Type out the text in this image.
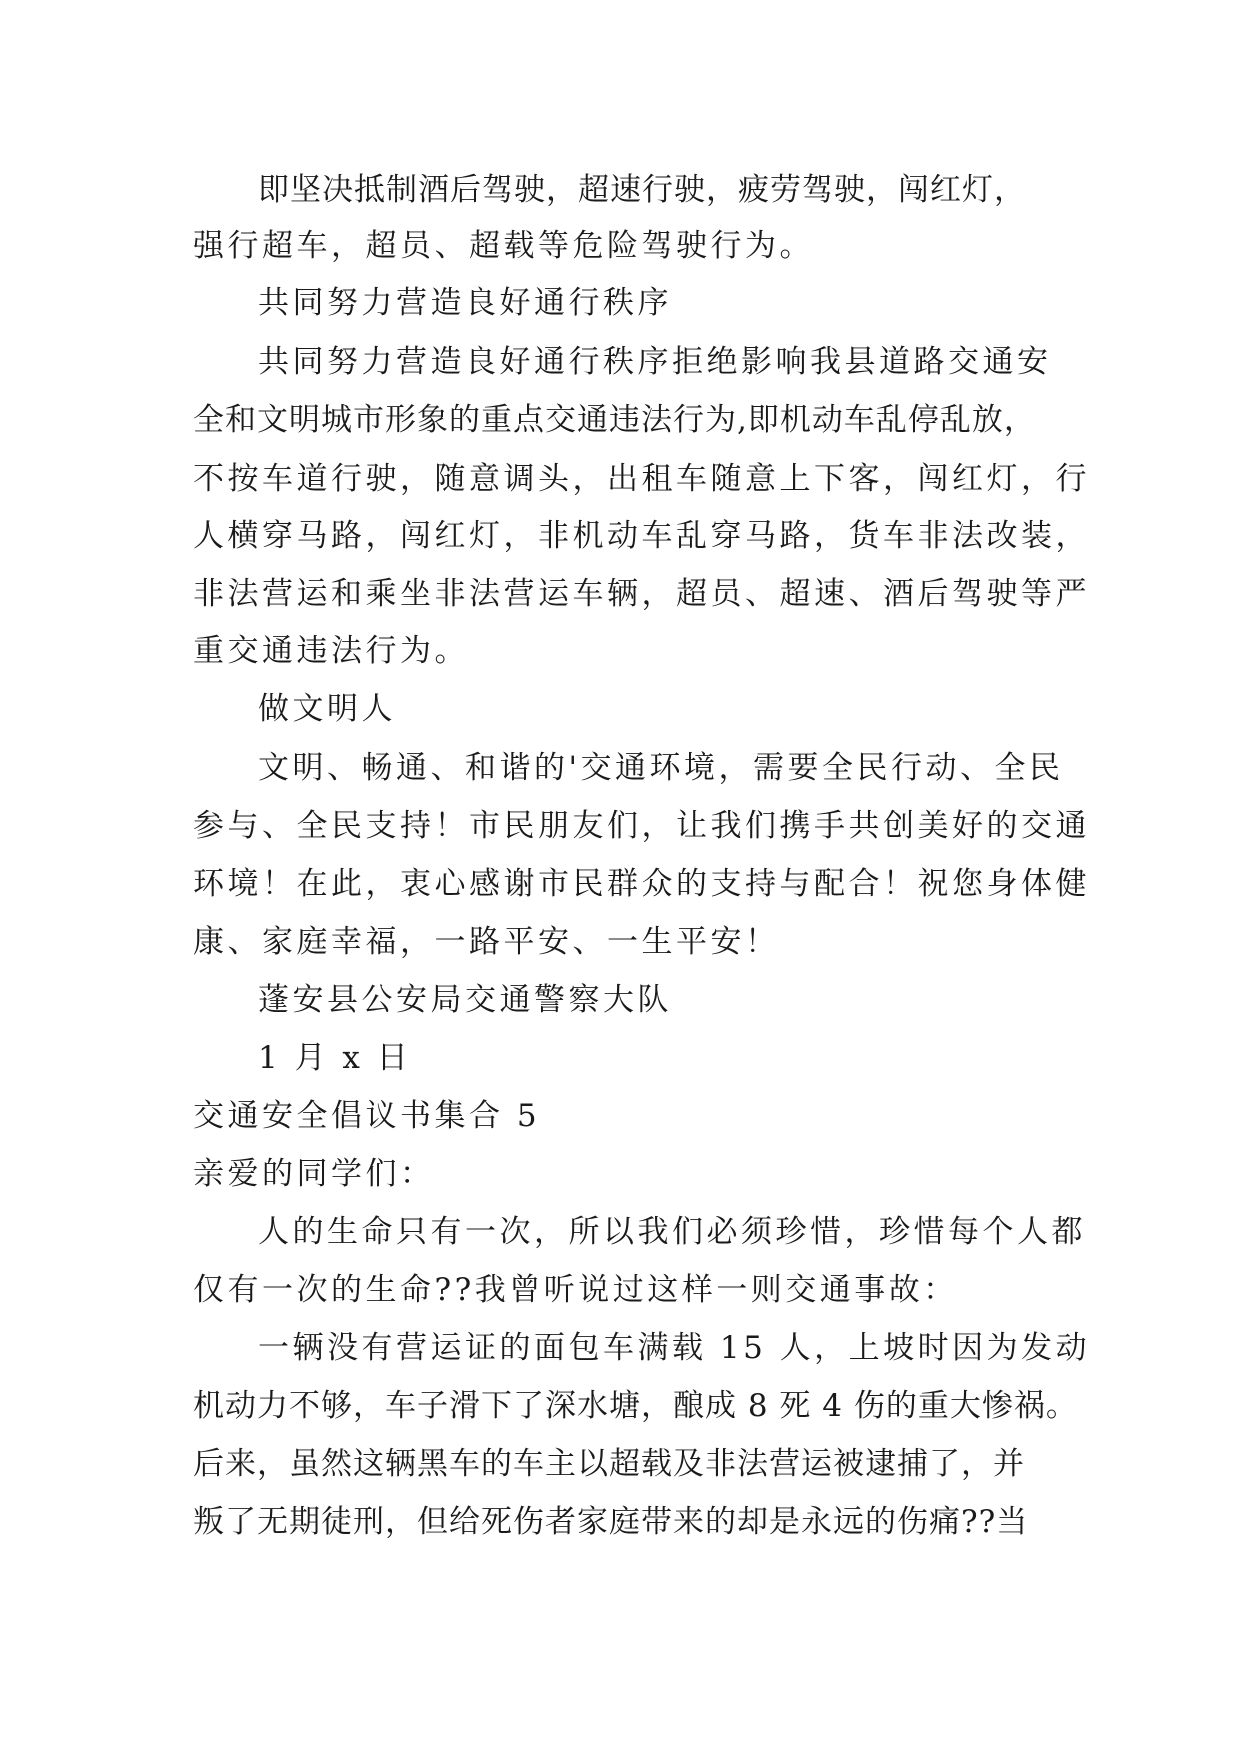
即坚决抵制酒后驾驶，超速行驶，疲劳驾驶，闯红灯，
强行超车，超员、超载等危险驾驶行为。
共同努力营造良好通行秩序
共同努力营造良好通行秩序拒绝影响我县道路交通安
全和文明城市形象的重点交通违法行为,即机动车乱停乱放，
不按车道行驶，随意调头，出租车随意上下客，闯红灯，行
人横穿马路，闯红灯，非机动车乱穿马路，货车非法改装，
非法营运和乘坐非法营运车辆，超员、超速、酒后驾驶等严
重交通违法行为。
做文明人
文明、畅通、和谐的'交通环境，需要全民行动、全民
参与、全民支持！市民朋友们，让我们携手共创美好的交通
环境！在此，衷心感谢市民群众的支持与配合！祝您身体健
康、家庭幸福，一路平安、一生平安！
蓬安县公安局交通警察大队
1 月 x 日
交通安全倡议书集合 5
亲爱的同学们：
人的生命只有一次，所以我们必须珍惜，珍惜每个人都
仅有一次的生命??我曾听说过这样一则交通事故：
一辆没有营运证的面包车满载 15 人，上坡时因为发动
机动力不够，车子滑下了深水塘，酿成 8 死 4 伤的重大惨祸。
后来，虽然这辆黑车的车主以超载及非法营运被逮捕了，并
叛了无期徒刑，但给死伤者家庭带来的却是永远的伤痛??当
